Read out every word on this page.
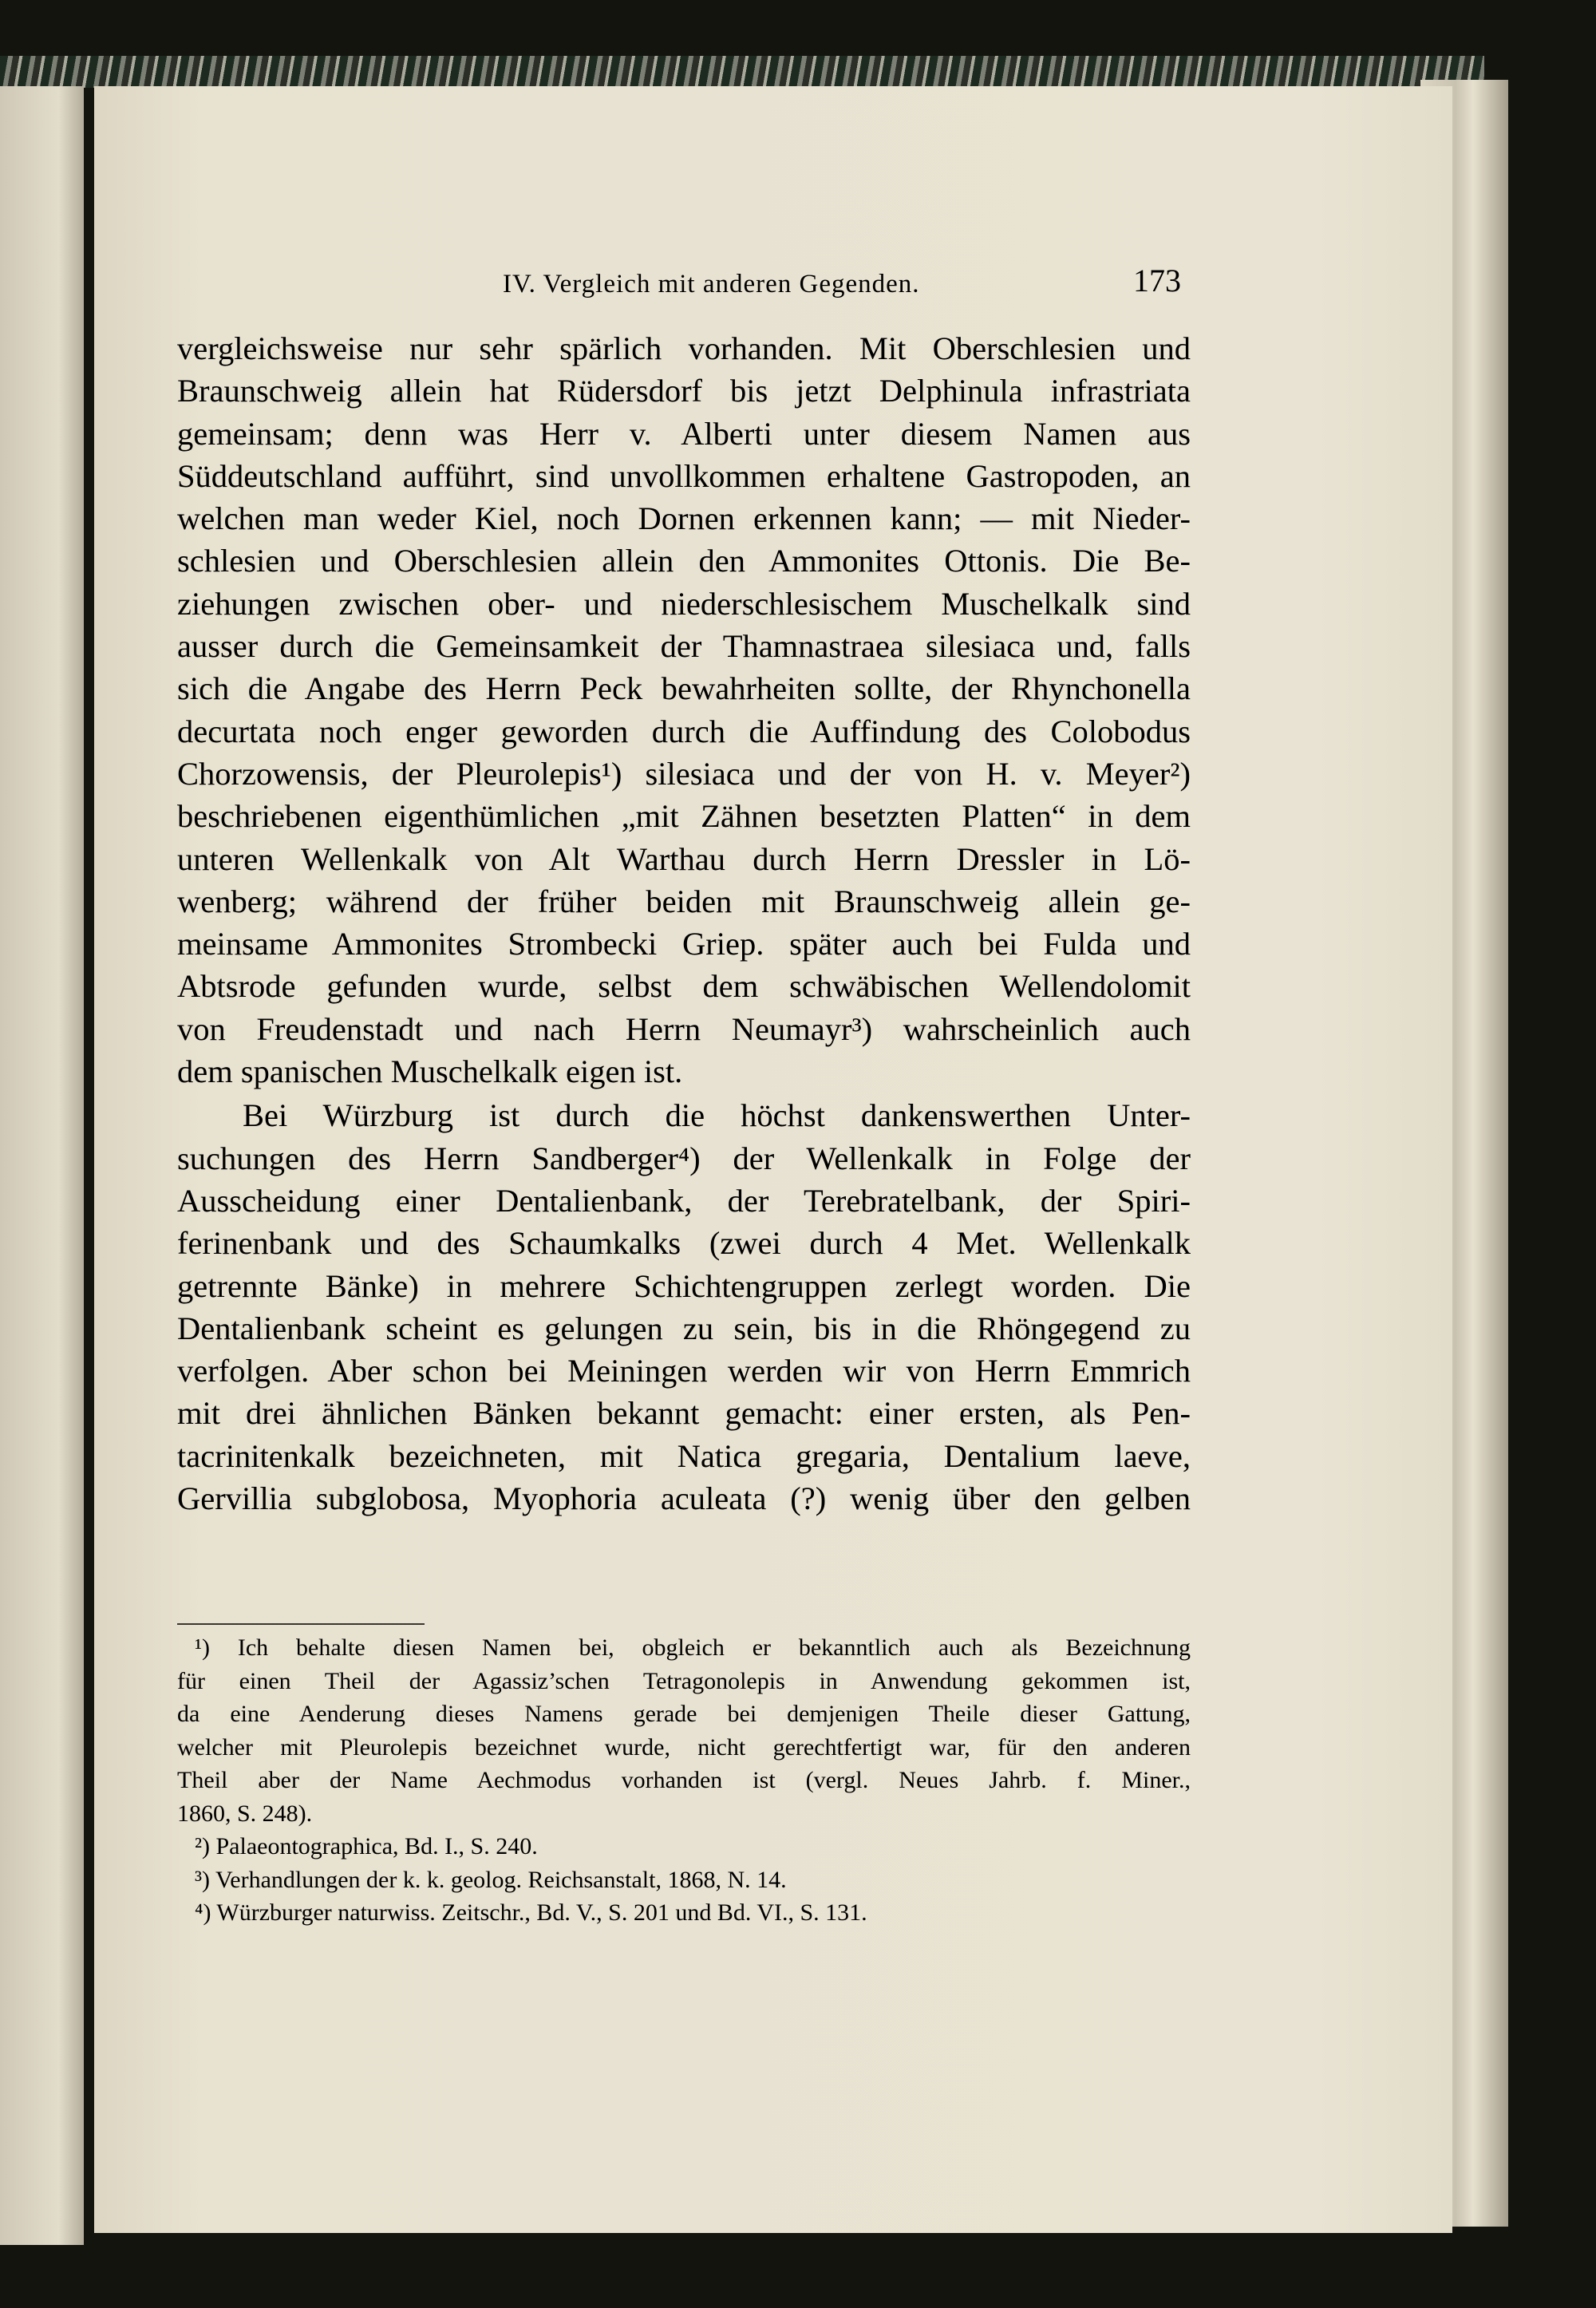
IV. Vergleich mit anderen Gegenden.	173
vergleichsweise nur sehr spärlich vorhanden. Mit Oberschlesien und
Braunschweig allein hat Rüdersdorf bis jetzt Delphinula infrastriata
gemeinsam; denn was Herr v. Alberti unter diesem Namen aus
Süddeutschland aufführt, sind unvollkommen erhaltene Gastropoden, an
welchen man weder Kiel, noch Dornen erkennen kann; — mit Nieder-
schlesien und Oberschlesien allein den Ammonites Ottonis. Die Be-
ziehungen zwischen ober- und niederschlesischem Muschelkalk sind
ausser durch die Gemeinsamkeit der Thamnastraea silesiaca und, falls
sich die Angabe des Herrn Peck bewahrheiten sollte, der Rhynchonella
decurtata noch enger geworden durch die Auffindung des Colobodus
Chorzowensis, der Pleurolepis¹) silesiaca und der von H. v. Meyer²)
beschriebenen eigenthümlichen „mit Zähnen besetzten Platten“ in dem
unteren Wellenkalk von Alt Warthau durch Herrn Dressler in Lö-
wenberg; während der früher beiden mit Braunschweig allein ge-
meinsame Ammonites Strombecki Griep. später auch bei Fulda und
Abtsrode gefunden wurde, selbst dem schwäbischen Wellendolomit
von Freudenstadt und nach Herrn Neumayr³) wahrscheinlich auch
dem spanischen Muschelkalk eigen ist.
Bei Würzburg ist durch die höchst dankenswerthen Unter-
suchungen des Herrn Sandberger⁴) der Wellenkalk in Folge der
Ausscheidung einer Dentalienbank, der Terebratelbank, der Spiri-
ferinenbank und des Schaumkalks (zwei durch 4 Met. Wellenkalk
getrennte Bänke) in mehrere Schichtengruppen zerlegt worden. Die
Dentalienbank scheint es gelungen zu sein, bis in die Rhöngegend zu
verfolgen. Aber schon bei Meiningen werden wir von Herrn Emmrich
mit drei ähnlichen Bänken bekannt gemacht: einer ersten, als Pen-
tacrinitenkalk bezeichneten, mit Natica gregaria, Dentalium laeve,
Gervillia subglobosa, Myophoria aculeata (?) wenig über den gelben
¹) Ich behalte diesen Namen bei, obgleich er bekanntlich auch als Bezeichnung
für einen Theil der Agassiz’schen Tetragonolepis in Anwendung gekommen ist,
da eine Aenderung dieses Namens gerade bei demjenigen Theile dieser Gattung,
welcher mit Pleurolepis bezeichnet wurde, nicht gerechtfertigt war, für den anderen
Theil aber der Name Aechmodus vorhanden ist (vergl. Neues Jahrb. f. Miner.,
1860, S. 248).
²) Palaeontographica, Bd. I., S. 240.
³) Verhandlungen der k. k. geolog. Reichsanstalt, 1868, N. 14.
⁴) Würzburger naturwiss. Zeitschr., Bd. V., S. 201 und Bd. VI., S. 131.
